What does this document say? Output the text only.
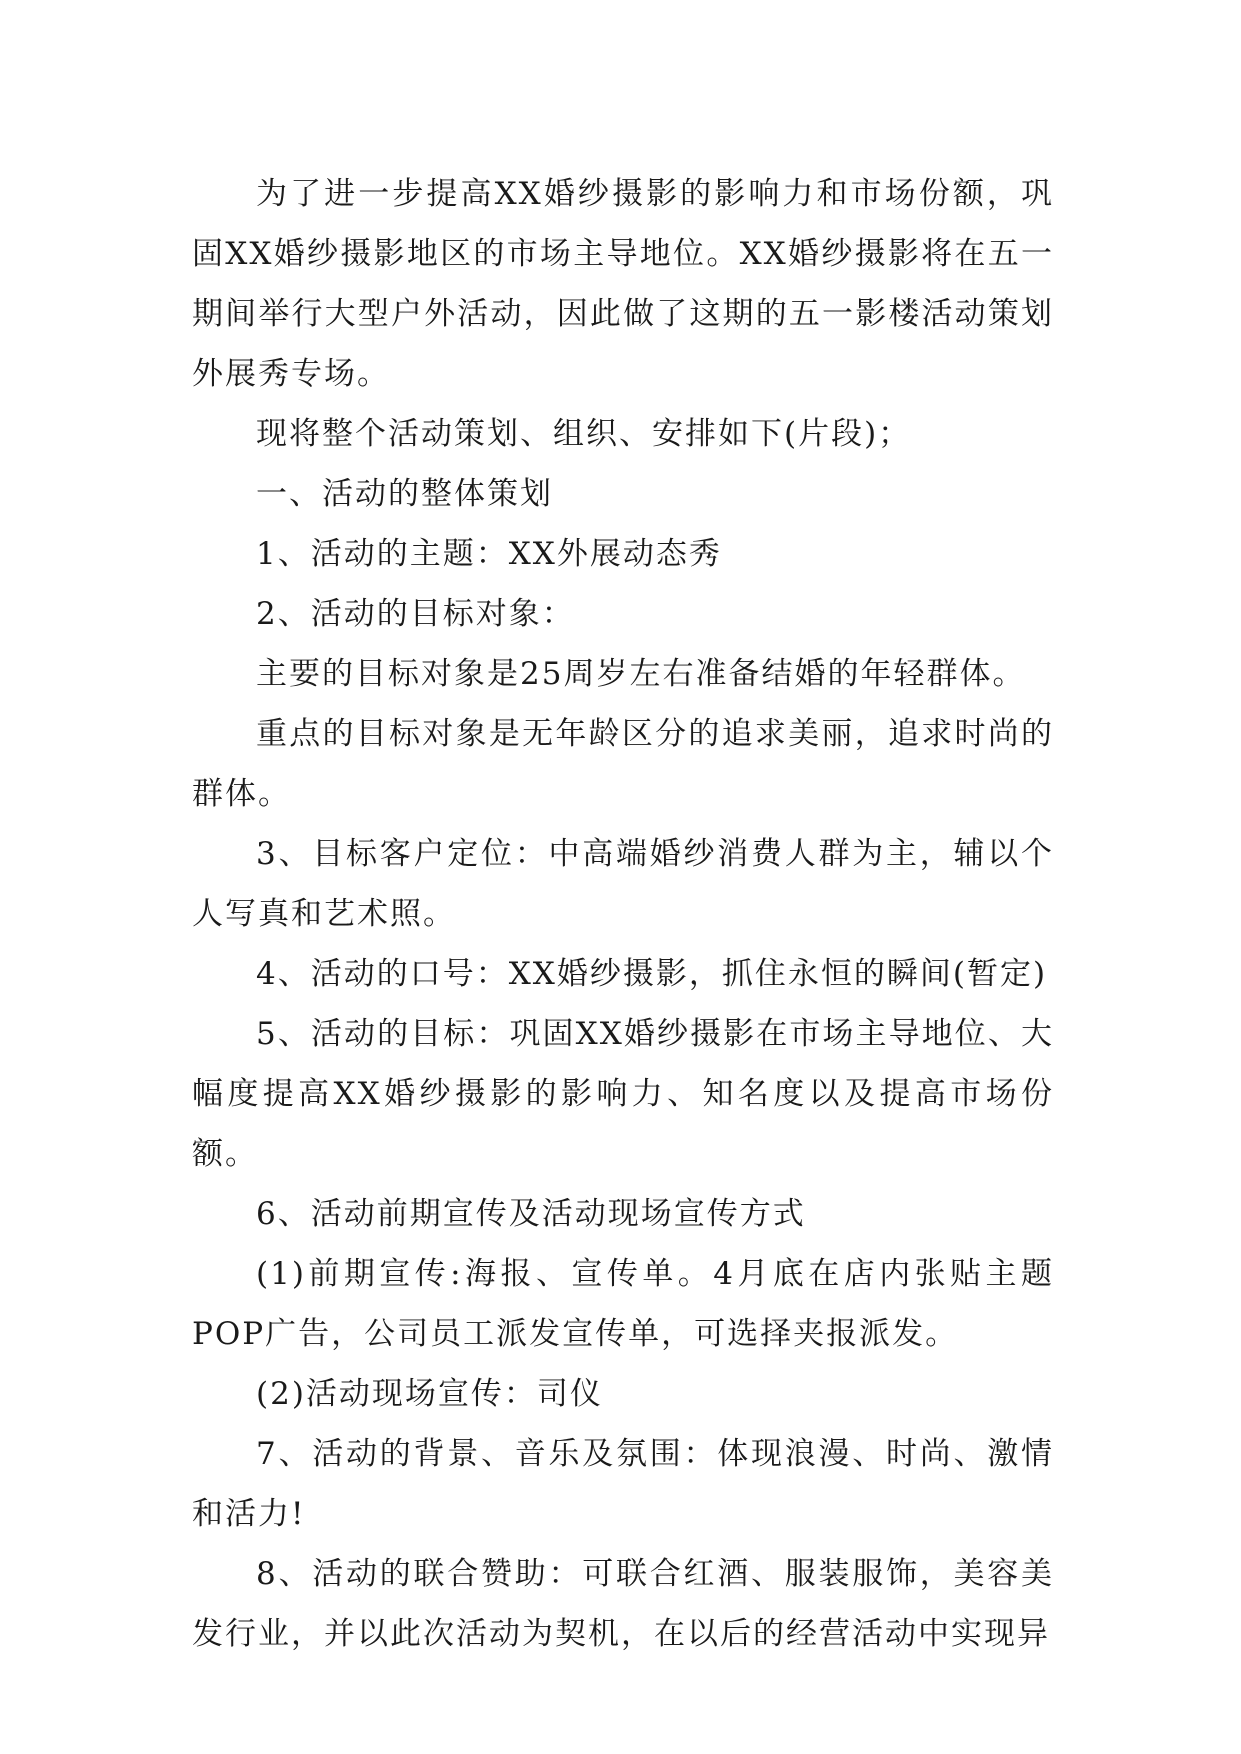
为了进一步提高XX婚纱摄影的影响力和市场份额，巩固XX婚纱摄影地区的市场主导地位。XX婚纱摄影将在五一期间举行大型户外活动，因此做了这期的五一影楼活动策划外展秀专场。

现将整个活动策划、组织、安排如下(片段)；

一、活动的整体策划

1、活动的主题：XX外展动态秀

2、活动的目标对象：

主要的目标对象是25周岁左右准备结婚的年轻群体。

重点的目标对象是无年龄区分的追求美丽，追求时尚的群体。

3、目标客户定位：中高端婚纱消费人群为主，辅以个人写真和艺术照。

4、活动的口号：XX婚纱摄影，抓住永恒的瞬间(暂定)

5、活动的目标：巩固XX婚纱摄影在市场主导地位、大幅度提高XX婚纱摄影的影响力、知名度以及提高市场份额。

6、活动前期宣传及活动现场宣传方式

(1)前期宣传:海报、宣传单。4月底在店内张贴主题POP广告，公司员工派发宣传单，可选择夹报派发。

(2)活动现场宣传：司仪

7、活动的背景、音乐及氛围：体现浪漫、时尚、激情和活力!

8、活动的联合赞助：可联合红酒、服装服饰，美容美发行业，并以此次活动为契机，在以后的经营活动中实现异
